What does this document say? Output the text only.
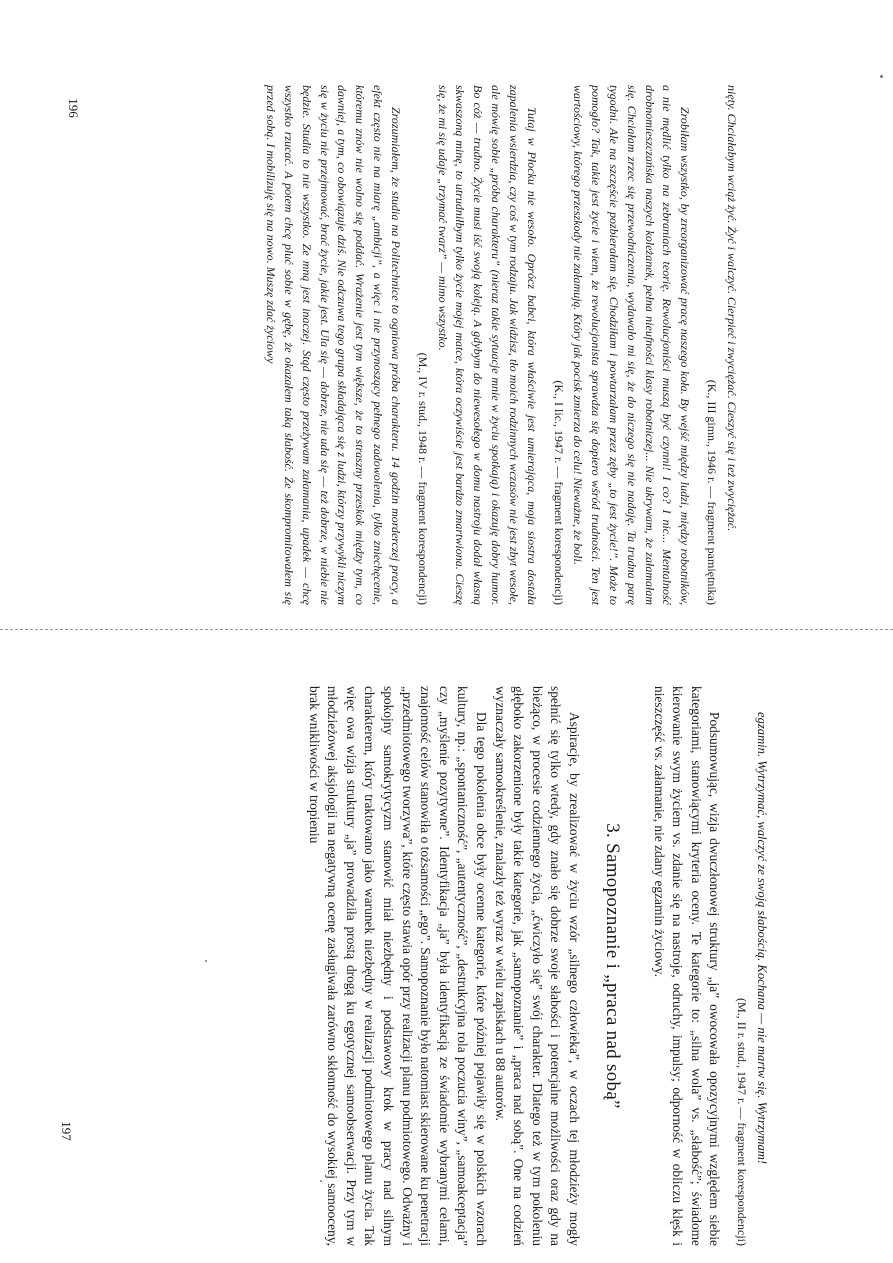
nięty. Chciałabym wciąż żyć. Żyć i walczyć. Cierpieć i zwyciężać. Cieszyć się i też zwyciężać.

(K., III gimn., 1946 r. — fragment pamiętnika)

Zrobiłam wszystko, by zreorganizować pracę naszego koła. By wejść między ludzi, między robotników, a nie mędlić tylko na zebraniach teorię. Rewolucjoniści muszą być czynni! I co? I nic... Mentalność drobnomieszczańska naszych koleżanek, pełna nieufności klasy robotniczej... Nie ukrywam, że załamałam się. Chciałam zrzec się przewodniczenia, wydawało mi się, że do niczego się nie nadaję. Ta trudna parę tygodni. Ale na szczęście pozbierałam się. Chodziłam i powtarzałam przez zęby „to jest życie!”. Może to pomogło? Tak, takie jest życie i wiem, że rewolucjonista sprawdza się dopiero wśród trudności. Ten jest wartościowy, którego przeszkody nie załamują. Który jak pocisk zmierza do celu! Nieważne, że boli.

(K., I lic., 1947 r. — fragment korespondencji)

Tutaj w Płocku nie wesoło. Oprócz babci, która właściwie jest umierająca, moja siostra dostała zapalenia wsierdzia, czy coś w tym rodzaju. Jak widzisz, tło moich rodzinnych wczasów nie jest zbyt wesołe, ale mówię sobie „próba charakteru” (nieraz takie sytuacje mnie w życiu spotkają) i okazuję dobry humor. Bo cóż — trudno. Życie musi iść swoją koleją. A gdybym do niewesołego w domu nastroju dodał własną skwaszoną minę, to utrudniłbym tylko życie mojej matce, która oczywiście jest bardzo zmartwiona. Cieszę się, że mi się udaje „trzymać twarz” — mimo wszystko.

(M., IV r. stud., 1948 r. — fragment korespondencji)

Zrozumiałem, że studia na Politechnice to ogniowa próba charakteru. 14 godzin morderczej pracy, a efekt często nie na miarę „ambicji”, a więc i nie przynoszący pełnego zadowolenia, tylko zniechęcenie, któremu znów nie wolno się poddać. Wrażenie jest tym większe, że to straszny przeskok między tym, co dawniej, a tym, co obowiązuje dziś. Nie odczuwa tego grupa składająca się z ludzi, którzy przywykli niczym się w życiu nie przejmować, brać życie, jakie jest. Ula się — dobrze, nie uda się — też dobrze, w niebie nie będzie. Studia to nie wszystko. Ze mną jest inaczej. Stąd często przeżywam załamania, upadek — chcę wszystko rzucać. A potem chcę pluć sobie w gębę, że okazałem taką słabość. Że skompromitowałem się przed sobą. I mobilizuję się na nowo. Muszę zdać życiowy

196

egzamin. Wytrzymać, walczyć ze swoją słabością. Kochana — nie martw się. Wytrzymam!

(M., II r. stud., 1947 r. — fragment korespondencji)

Podsumowując, wizja dwuczłonowej struktury „ja” owocowała opozycyjnymi względem siebie kategoriami, stanowiącymi kryteria oceny. Te kategorie to: „silna wola” vs. „słabość”; świadome kierowanie swym życiem vs. zdanie się na nastroje, odruchy, impulsy; odporność w obliczu klęsk i nieszczęść vs. załamanie, nie zdany egzamin życiowy.

3. Samopoznanie i „praca nad sobą”

Aspiracje, by zrealizować w życiu wzór „silnego człowieka”, w oczach tej młodzieży mogły spełnić się tylko wtedy, gdy znało się dobrze swoje słabości i potencjalne możliwości oraz gdy na bieżąco, w procesie codziennego życia, „ćwiczyło się” swój charakter. Dlatego też w tym pokoleniu głęboko zakorzenione były takie kategorie, jak „samopoznanie” i „praca nad sobą”. One na codzień wyznaczały samookreślenie, znalazły też wyraz w wielu zapiskach u 88 autorów.

Dla tego pokolenia obce były ocenne kategorie, które później pojawiły się w polskich wzorach kultury, np.: „spontaniczność”, „autentyczność”, „destrukcyjna rola poczucia winy”, „samoakceptacja” czy „myślenie pozytywne”. Identyfikacja „ja” była identyfikacją ze świadomie wybranymi celami, znajomość celów stanowiła o tożsamości „ego”. Samopoznanie było natomiast skierowane ku penetracji „przedmiotowego tworzywa”, które często stawia opór przy realizacji planu podmiotowego. Odważny i spokojny samokrytycyzm stanowić miał niezbędny i podstawowy krok w pracy nad silnym charakterem, który traktowano jako warunek niezbędny w realizacji podmiotowego planu życia. Tak więc owa wizja struktury „ja” prowadziła prostą drogą ku egotycznej samoobserwacji. Przy tym w młodzieżowej aksjologii na negatywną ocenę zasługiwała zarówno skłonność do wysokiej samooceny, brak wnikliwości w tropieniu

197
